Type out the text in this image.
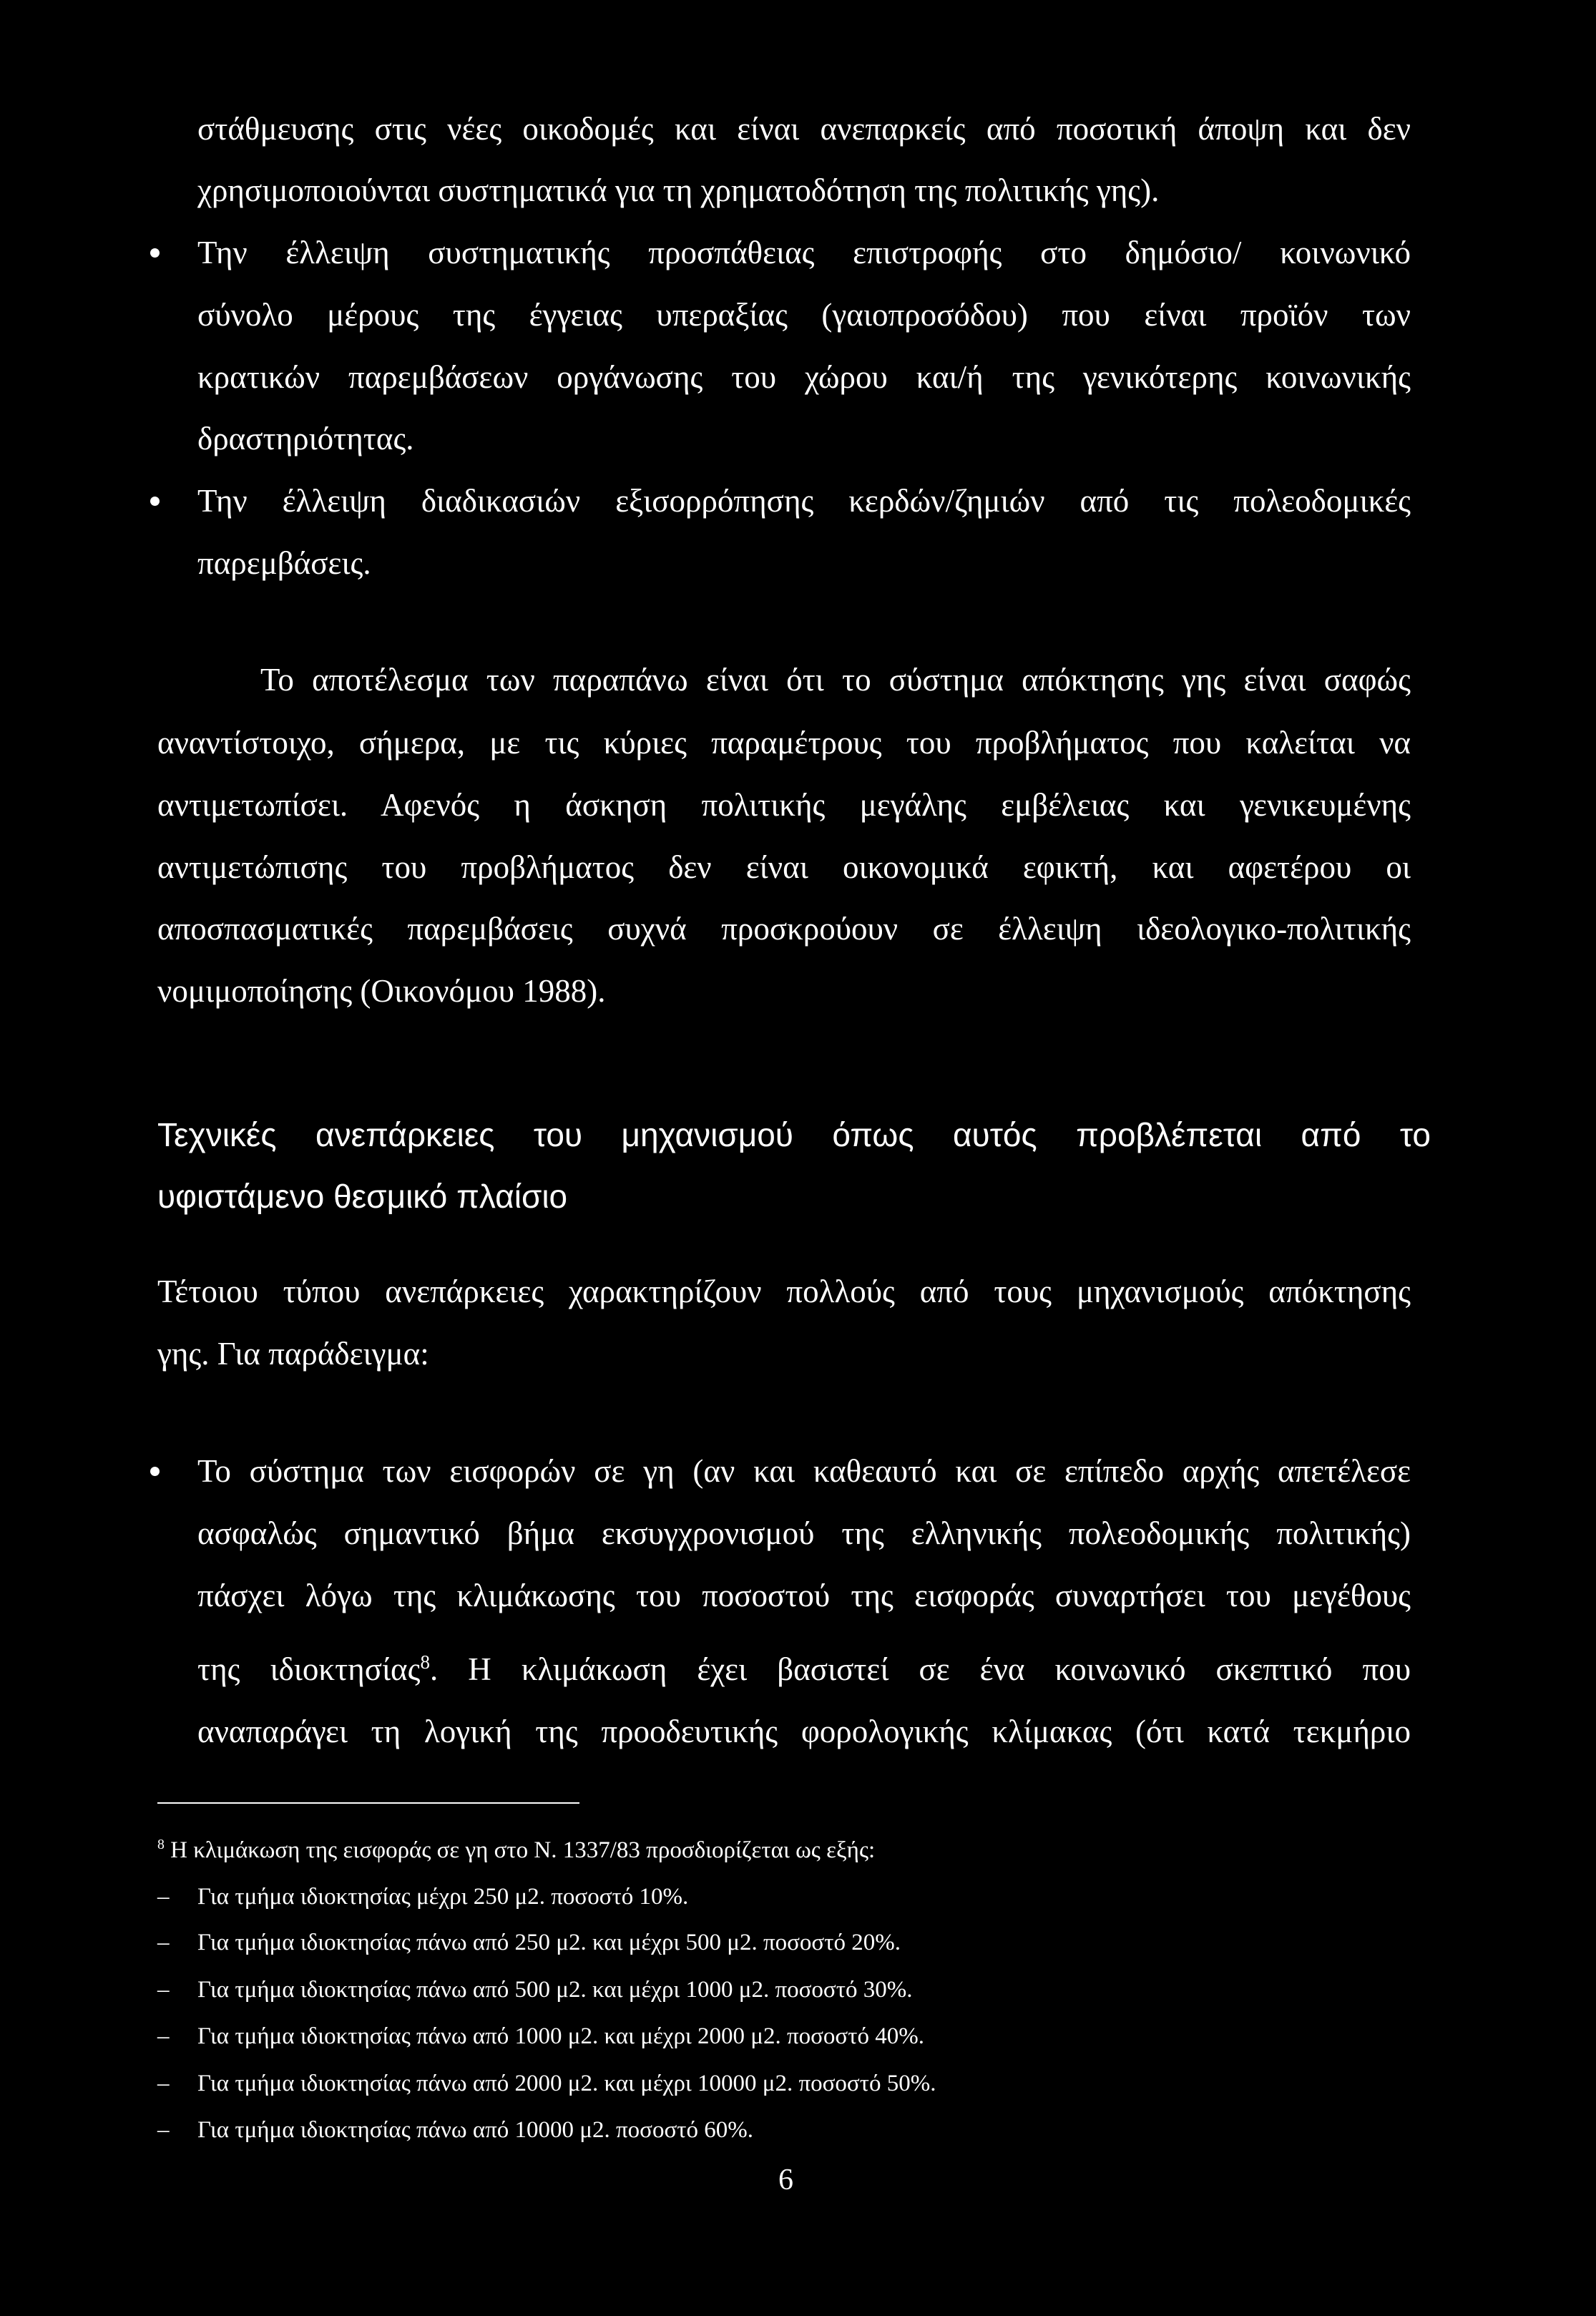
στάθμευσης στις νέες οικοδομές και είναι ανεπαρκείς από ποσοτική άποψη και δεν
χρησιμοποιούνται συστηματικά για τη χρηματοδότηση της πολιτικής γης).
Την έλλειψη συστηματικής προσπάθειας επιστροφής στο δημόσιο/ κοινωνικό
σύνολο μέρους της έγγειας υπεραξίας (γαιοπροσόδου) που είναι προϊόν των
κρατικών παρεμβάσεων οργάνωσης του χώρου και/ή της γενικότερης κοινωνικής
δραστηριότητας.
Την έλλειψη διαδικασιών εξισορρόπησης κερδών/ζημιών από τις πολεοδομικές
παρεμβάσεις.
Το αποτέλεσμα των παραπάνω είναι ότι το σύστημα απόκτησης γης είναι σαφώς
αναντίστοιχο, σήμερα, με τις κύριες παραμέτρους του προβλήματος που καλείται να
αντιμετωπίσει. Αφενός η άσκηση πολιτικής μεγάλης εμβέλειας και γενικευμένης
αντιμετώπισης του προβλήματος δεν είναι οικονομικά εφικτή, και αφετέρου οι
αποσπασματικές παρεμβάσεις συχνά προσκρούουν σε έλλειψη ιδεολογικο-πολιτικής
νομιμοποίησης (Οικονόμου 1988).
Τεχνικές ανεπάρκειες του μηχανισμού όπως αυτός προβλέπεται από το
υφιστάμενο θεσμικό πλαίσιο
Τέτοιου τύπου ανεπάρκειες χαρακτηρίζουν πολλούς από τους μηχανισμούς απόκτησης
γης. Για παράδειγμα:
Το σύστημα των εισφορών σε γη (αν και καθεαυτό και σε επίπεδο αρχής απετέλεσε
ασφαλώς σημαντικό βήμα εκσυγχρονισμού της ελληνικής πολεοδομικής πολιτικής)
πάσχει λόγω της κλιμάκωσης του ποσοστού της εισφοράς συναρτήσει του μεγέθους
της ιδιοκτησίας$^8$. Η κλιμάκωση έχει βασιστεί σε ένα κοινωνικό σκεπτικό που
αναπαράγει τη λογική της προοδευτικής φορολογικής κλίμακας (ότι κατά τεκμήριο
$^8$ Η κλιμάκωση της εισφοράς σε γη στο Ν. 1337/83 προσδιορίζεται ως εξής:
– Για τμήμα ιδιοκτησίας μέχρι 250 μ2. ποσοστό 10%.
– Για τμήμα ιδιοκτησίας πάνω από 250 μ2. και μέχρι 500 μ2. ποσοστό 20%.
– Για τμήμα ιδιοκτησίας πάνω από 500 μ2. και μέχρι 1000 μ2. ποσοστό 30%.
– Για τμήμα ιδιοκτησίας πάνω από 1000 μ2. και μέχρι 2000 μ2. ποσοστό 40%.
– Για τμήμα ιδιοκτησίας πάνω από 2000 μ2. και μέχρι 10000 μ2. ποσοστό 50%.
– Για τμήμα ιδιοκτησίας πάνω από 10000 μ2. ποσοστό 60%.
6
